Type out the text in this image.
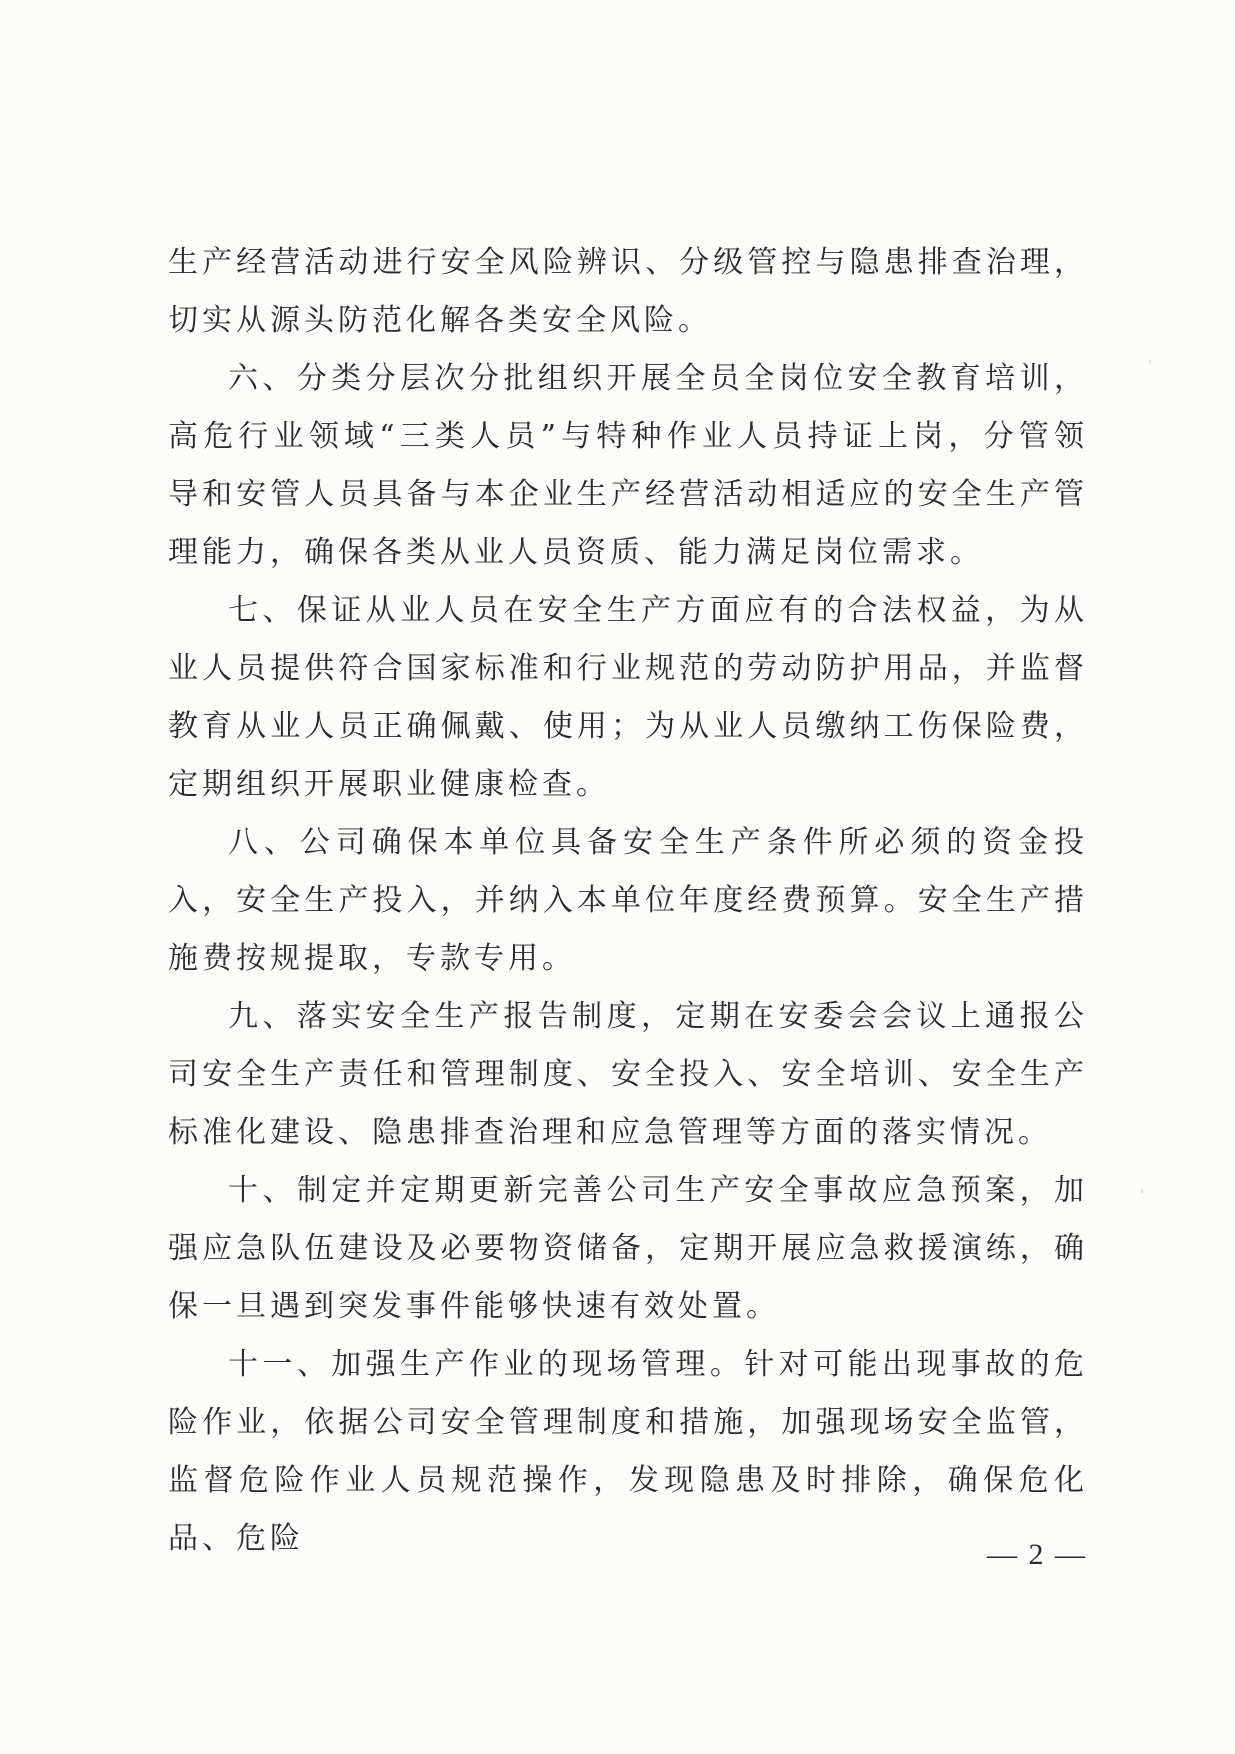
生产经营活动进行安全风险辨识、分级管控与隐患排查治理，切实从源头防范化解各类安全风险。

六、分类分层次分批组织开展全员全岗位安全教育培训，高危行业领域“三类人员”与特种作业人员持证上岗，分管领导和安管人员具备与本企业生产经营活动相适应的安全生产管理能力，确保各类从业人员资质、能力满足岗位需求。

七、保证从业人员在安全生产方面应有的合法权益，为从业人员提供符合国家标准和行业规范的劳动防护用品，并监督教育从业人员正确佩戴、使用；为从业人员缴纳工伤保险费，定期组织开展职业健康检查。

八、公司确保本单位具备安全生产条件所必须的资金投入，安全生产投入，并纳入本单位年度经费预算。安全生产措施费按规提取，专款专用。

九、落实安全生产报告制度，定期在安委会会议上通报公司安全生产责任和管理制度、安全投入、安全培训、安全生产标准化建设、隐患排查治理和应急管理等方面的落实情况。

十、制定并定期更新完善公司生产安全事故应急预案，加强应急队伍建设及必要物资储备，定期开展应急救援演练，确保一旦遇到突发事件能够快速有效处置。

十一、加强生产作业的现场管理。针对可能出现事故的危险作业，依据公司安全管理制度和措施，加强现场安全监管，监督危险作业人员规范操作，发现隐患及时排除，确保危化品、危险	— 2 —
'
‘
